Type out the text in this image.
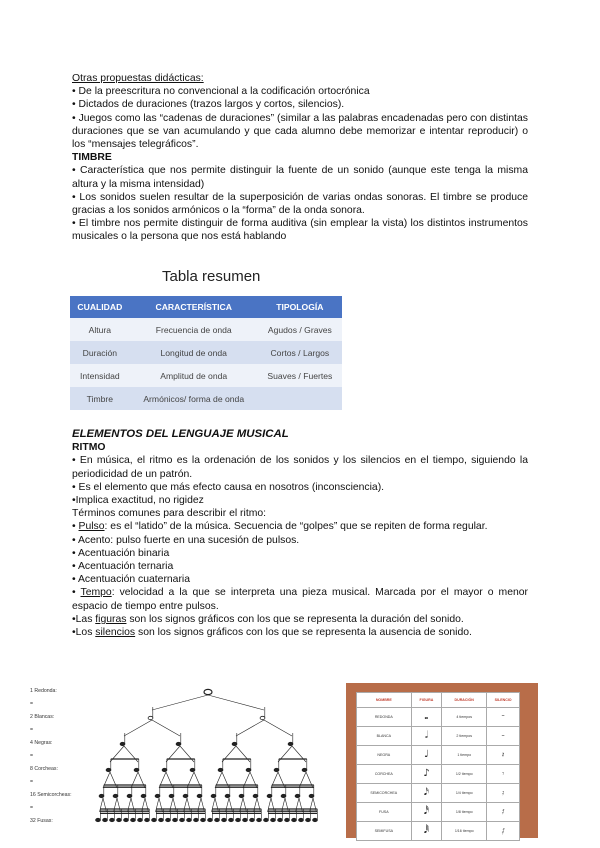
Otras propuestas didácticas:

• De la preescritura no convencional a la codificación ortocrónica

• Dictados de duraciones (trazos largos y cortos, silencios).

• Juegos como las “cadenas de duraciones” (similar a las palabras encadenadas pero con distintas duraciones que se van acumulando y que cada alumno debe memorizar e intentar reproducir) o los “mensajes telegráficos”.

TIMBRE

• Característica que nos permite distinguir la fuente de un sonido (aunque este tenga la misma altura y la misma intensidad)

• Los sonidos suelen resultar de la superposición de varias ondas sonoras. El timbre se produce gracias a los sonidos armónicos o la “forma” de la onda sonora.

• El timbre nos permite distinguir de forma auditiva (sin emplear la vista) los distintos instrumentos musicales o la persona que nos está hablando

Tabla resumen
CUALIDAD	CARACTERÍSTICA	TIPOLOGÍA
Altura	Frecuencia de onda	Agudos / Graves
Duración	Longitud de onda	Cortos / Largos
Intensidad	Amplitud de onda	Suaves / Fuertes
Timbre	Armónicos/ forma de onda	

ELEMENTOS DEL LENGUAJE MUSICAL

RITMO

• En música, el ritmo es la ordenación de los sonidos y los silencios en el tiempo, siguiendo la periodicidad de un patrón.

• Es el elemento que más efecto causa en nosotros (inconsciencia).

•Implica exactitud, no rigidez

Términos comunes para describir el ritmo:

• Pulso: es el “latido” de la música. Secuencia de “golpes” que se repiten de forma regular.

• Acento: pulso fuerte en una sucesión de pulsos.

• Acentuación binaria

• Acentuación ternaria

• Acentuación cuaternaria

• Tempo: velocidad a la que se interpreta una pieza musical. Marcada por el mayor o menor espacio de tiempo entre pulsos.

•Las figuras son los signos gráficos con los que se representa la duración del sonido.

•Los silencios son los signos gráficos con los que se representa la ausencia de sonido.

1 Redonda:
=
2 Blancas:
=
4 Negras:
=
8 Corcheas:
=
16 Semicorcheas:
=
32 Fusas:
NOMBRE	FIGURA	DURACIÓN	SILENCIO
REDONDA	𝅝	4 tiempos	𝄻
BLANCA	𝅗𝅥	2 tiempos	𝄼
NEGRA	♩	1 tiempo	𝄽
CORCHEA	♪	1/2 tiempo	𝄾
SEMICORCHEA	𝅘𝅥𝅯	1/4 tiempo	𝄿
FUSA	𝅘𝅥𝅰	1/8 tiempo	𝅀
SEMIFUSA	𝅘𝅥𝅱	1/16 tiempo	𝅁
